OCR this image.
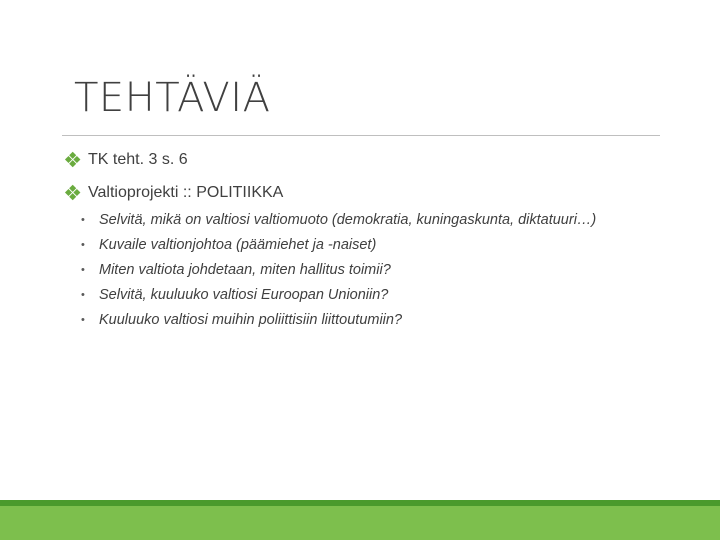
TEHTÄVIÄ
TK teht. 3 s. 6
Valtioprojekti :: POLITIIKKA
• Selvitä, mikä on valtiosi valtiomuoto (demokratia, kuningaskunta, diktatuuri…)
• Kuvaile valtionjohtoa (päämiehet ja -naiset)
• Miten valtiota johdetaan, miten hallitus toimii?
• Selvitä, kuuluuko valtiosi Euroopan Unioniin?
• Kuuluuko valtiosi muihin poliittisiin liittoutumiin?
